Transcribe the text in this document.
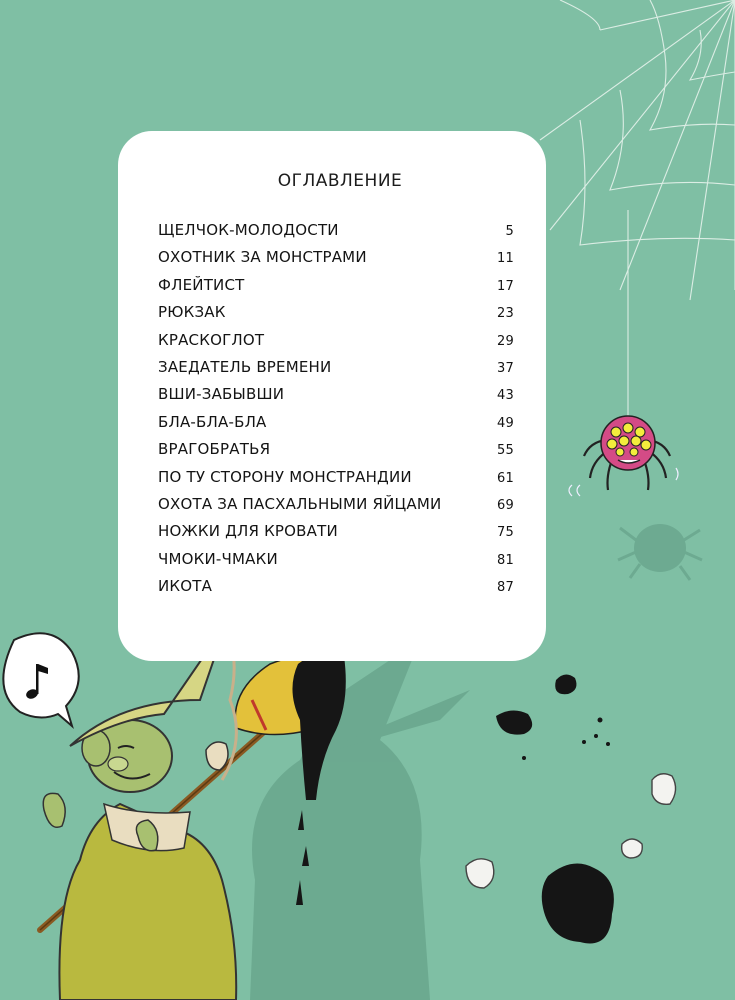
ОГЛАВЛЕНИЕ
ЩЕЛЧОК-МОЛОДОСТИ	5
ОХОТНИК ЗА МОНСТРАМИ	11
ФЛЕЙТИСТ	17
РЮКЗАК	23
КРАСКОГЛОТ	29
ЗАЕДАТЕЛЬ ВРЕМЕНИ	37
ВШИ-ЗАБЫВШИ	43
БЛА-БЛА-БЛА	49
ВРАГОБРАТЬЯ	55
ПО ТУ СТОРОНУ МОНСТРАНДИИ	61
ОХОТА ЗА ПАСХАЛЬНЫМИ ЯЙЦАМИ	69
НОЖКИ ДЛЯ КРОВАТИ	75
ЧМОКИ-ЧМАКИ	81
ИКОТА	87
